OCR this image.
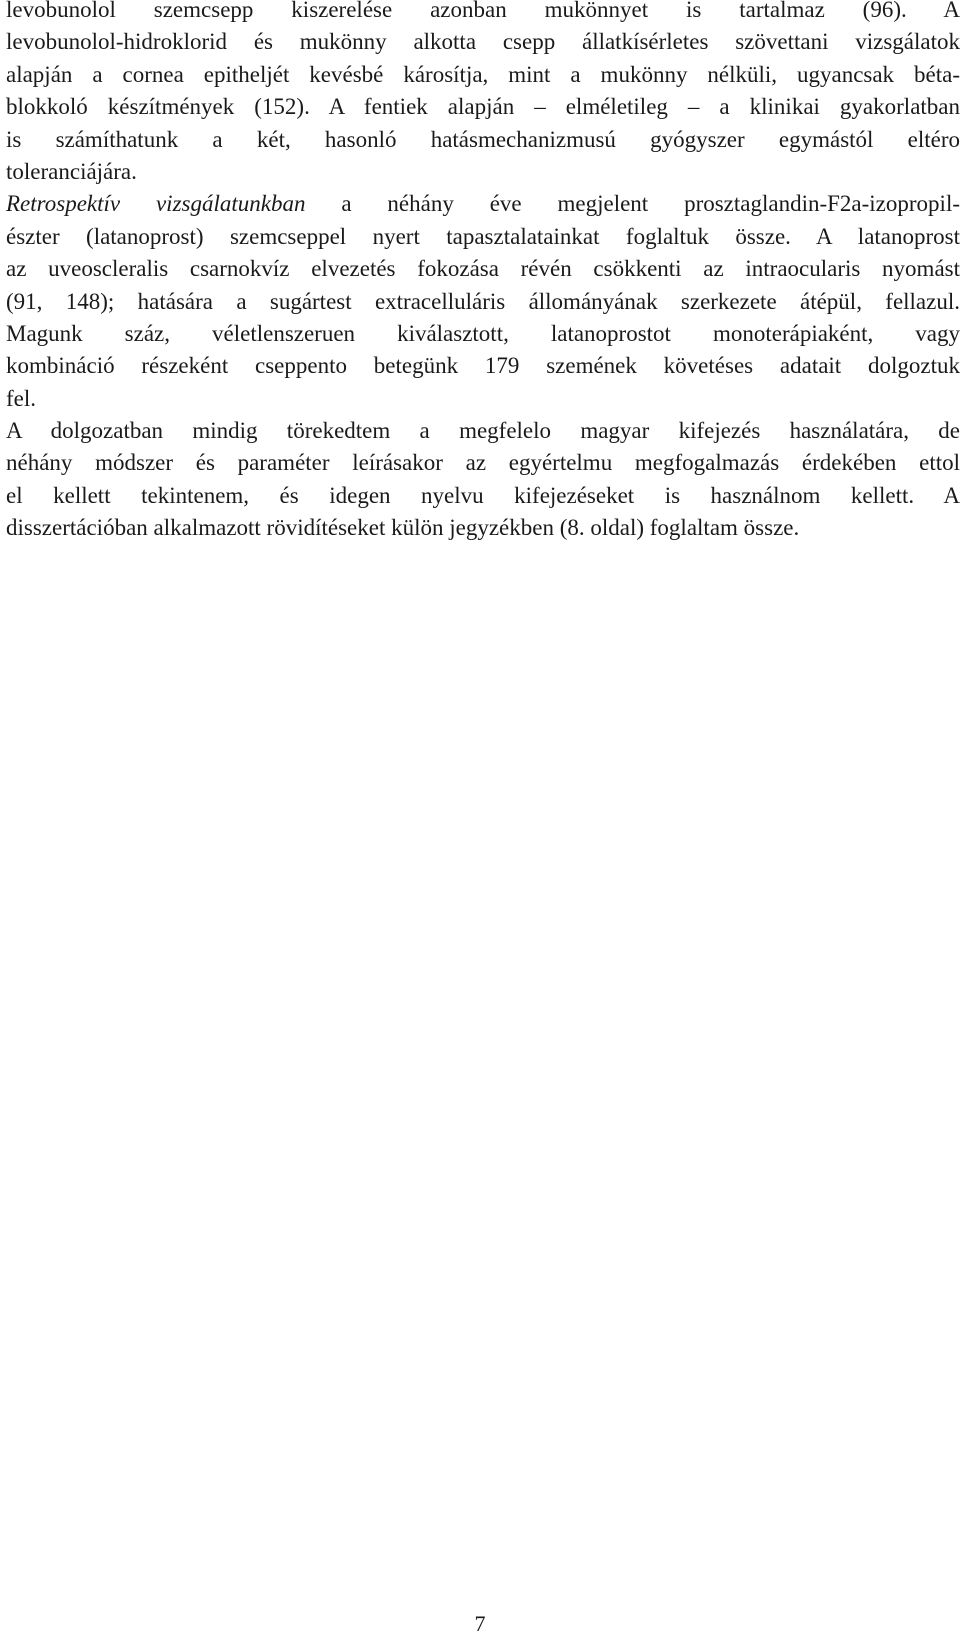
levobunolol szemcsepp kiszerelése azonban mukönnyet is tartalmaz (96). A
levobunolol-hidroklorid és mukönny alkotta csepp állatkísérletes szövettani vizsgálatok
alapján a cornea epitheljét kevésbé károsítja, mint a mukönny nélküli, ugyancsak béta-
blokkoló készítmények (152). A fentiek alapján – elméletileg – a klinikai gyakorlatban
is számíthatunk a két, hasonló hatásmechanizmusú gyógyszer egymástól eltéro
toleranciájára.
Retrospektív vizsgálatunkban a néhány éve megjelent prosztaglandin-F2a-izopropil-
észter (latanoprost) szemcseppel nyert tapasztalatainkat foglaltuk össze. A latanoprost
az uveoscleralis csarnokvíz elvezetés fokozása révén csökkenti az intraocularis nyomást
(91, 148); hatására a sugártest extracelluláris állományának szerkezete átépül, fellazul.
Magunk száz, véletlenszeruen kiválasztott, latanoprostot monoterápiaként, vagy
kombináció részeként cseppento betegünk 179 szemének követéses adatait dolgoztuk
fel.
A dolgozatban mindig törekedtem a megfelelo magyar kifejezés használatára, de
néhány módszer és paraméter leírásakor az egyértelmu megfogalmazás érdekében ettol
el kellett tekintenem, és idegen nyelvu kifejezéseket is használnom kellett. A
disszertációban alkalmazott rövidítéseket külön jegyzékben (8. oldal) foglaltam össze.
7
